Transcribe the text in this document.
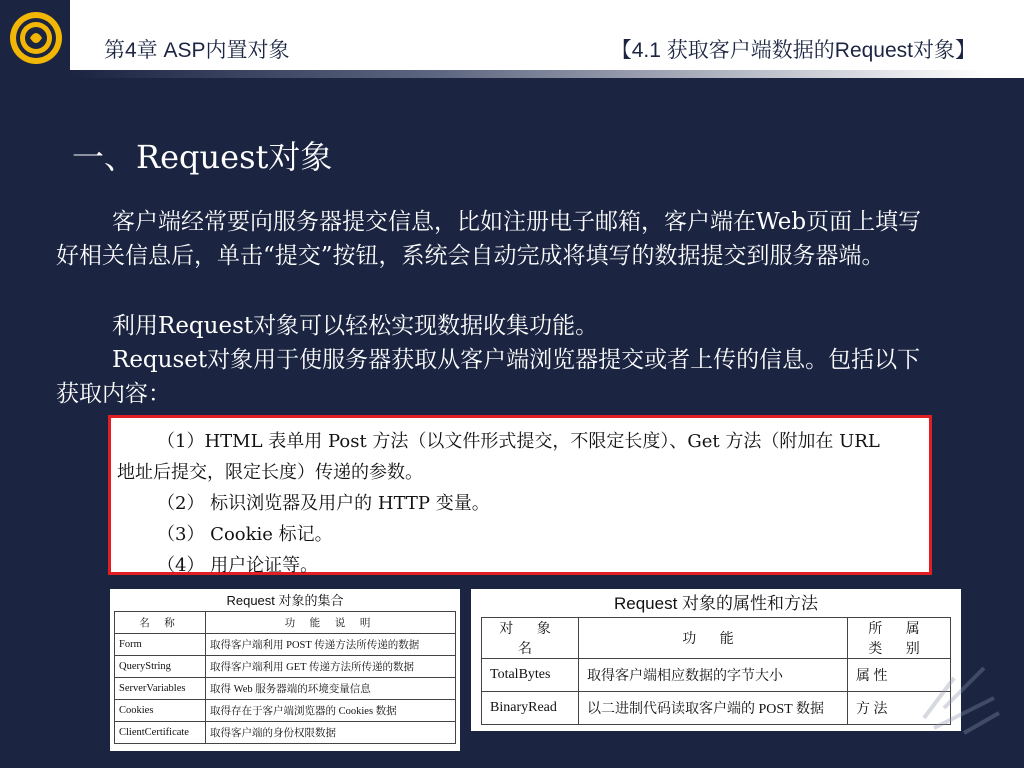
第4章 ASP内置对象	【4.1 获取客户端数据的Request对象】
一、Request对象

客户端经常要向服务器提交信息，比如注册电子邮箱，客户端在Web页面上填写好相关信息后，单击“提交”按钮，系统会自动完成将填写的数据提交到服务器端。

利用Request对象可以轻松实现数据收集功能。

Requset对象用于使服务器获取从客户端浏览器提交或者上传的信息。包括以下获取内容：

（1）HTML 表单用 Post 方法（以文件形式提交，不限定长度）、Get 方法（附加在 URL
地址后提交，限定长度）传递的参数。
（2） 标识浏览器及用户的 HTTP 变量。
（3） Cookie 标记。
（4） 用户论证等。
Request 对象的集合
名 称	功 能 说 明
Form	取得客户端利用 POST 传递方法所传递的数据
QueryString	取得客户端利用 GET 传递方法所传递的数据
ServerVariables	取得 Web 服务器端的环境变量信息
Cookies	取得存在于客户端浏览器的 Cookies 数据
ClientCertificate	取得客户端的身份权限数据
Request 对象的属性和方法
对 象 名	功 能	所 属 类 别
TotalBytes	取得客户端相应数据的字节大小	属 性
BinaryRead	以二进制代码读取客户端的 POST 数据	方 法
